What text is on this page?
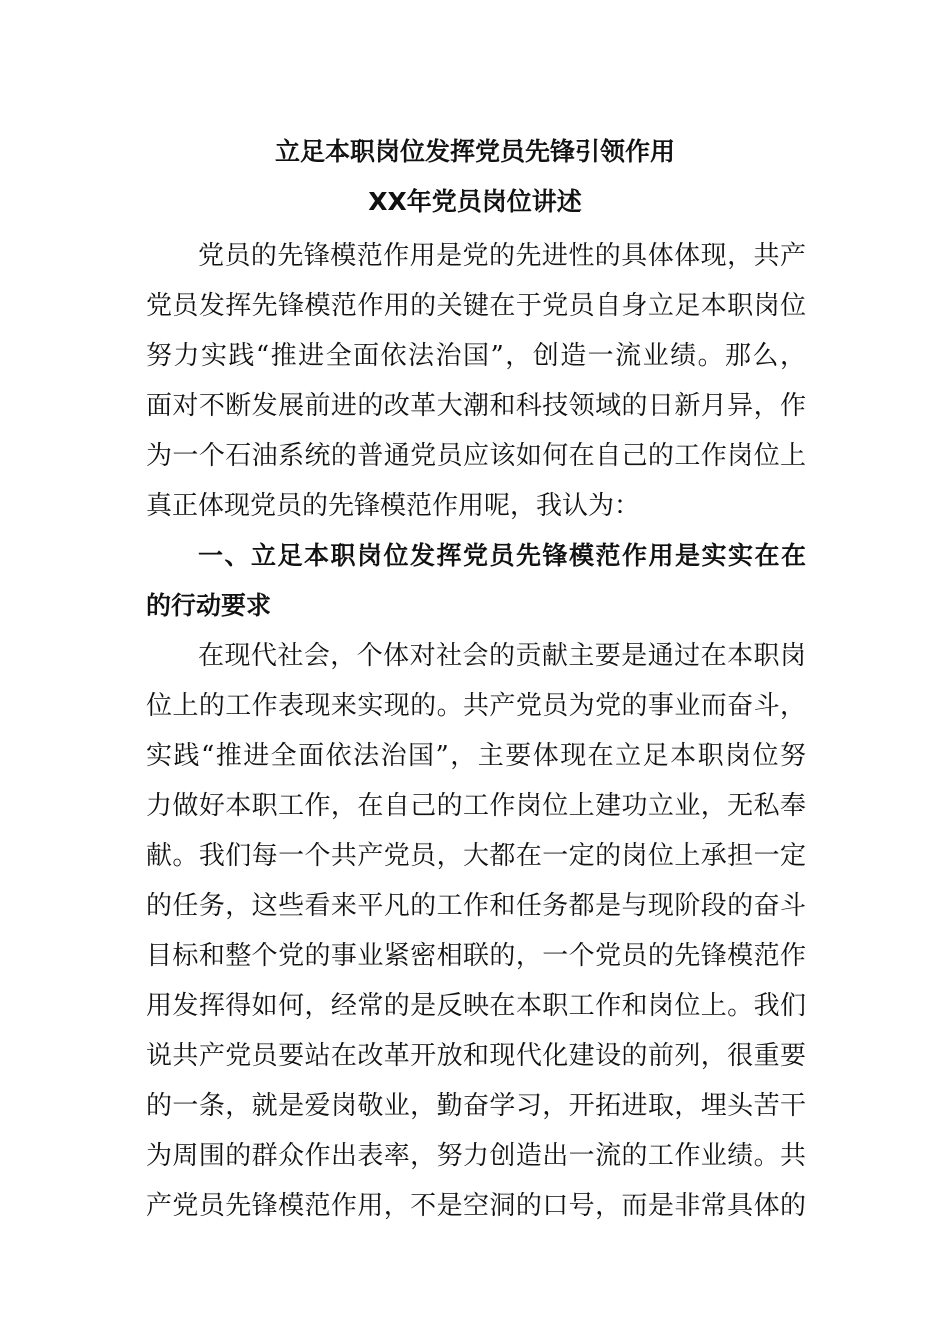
立足本职岗位发挥党员先锋引领作用
XX年党员岗位讲述

党员的先锋模范作用是党的先进性的具体体现，共产

党员发挥先锋模范作用的关键在于党员自身立足本职岗位

努力实践“推进全面依法治国”，创造一流业绩。那么，

面对不断发展前进的改革大潮和科技领域的日新月异，作

为一个石油系统的普通党员应该如何在自己的工作岗位上

真正体现党员的先锋模范作用呢，我认为：

一、立足本职岗位发挥党员先锋模范作用是实实在在

的行动要求

在现代社会，个体对社会的贡献主要是通过在本职岗

位上的工作表现来实现的。共产党员为党的事业而奋斗，

实践“推进全面依法治国”，主要体现在立足本职岗位努

力做好本职工作，在自己的工作岗位上建功立业，无私奉

献。我们每一个共产党员，大都在一定的岗位上承担一定

的任务，这些看来平凡的工作和任务都是与现阶段的奋斗

目标和整个党的事业紧密相联的，一个党员的先锋模范作

用发挥得如何，经常的是反映在本职工作和岗位上。我们

说共产党员要站在改革开放和现代化建设的前列，很重要

的一条，就是爱岗敬业，勤奋学习，开拓进取，埋头苦干

为周围的群众作出表率，努力创造出一流的工作业绩。共

产党员先锋模范作用，不是空洞的口号，而是非常具体的
